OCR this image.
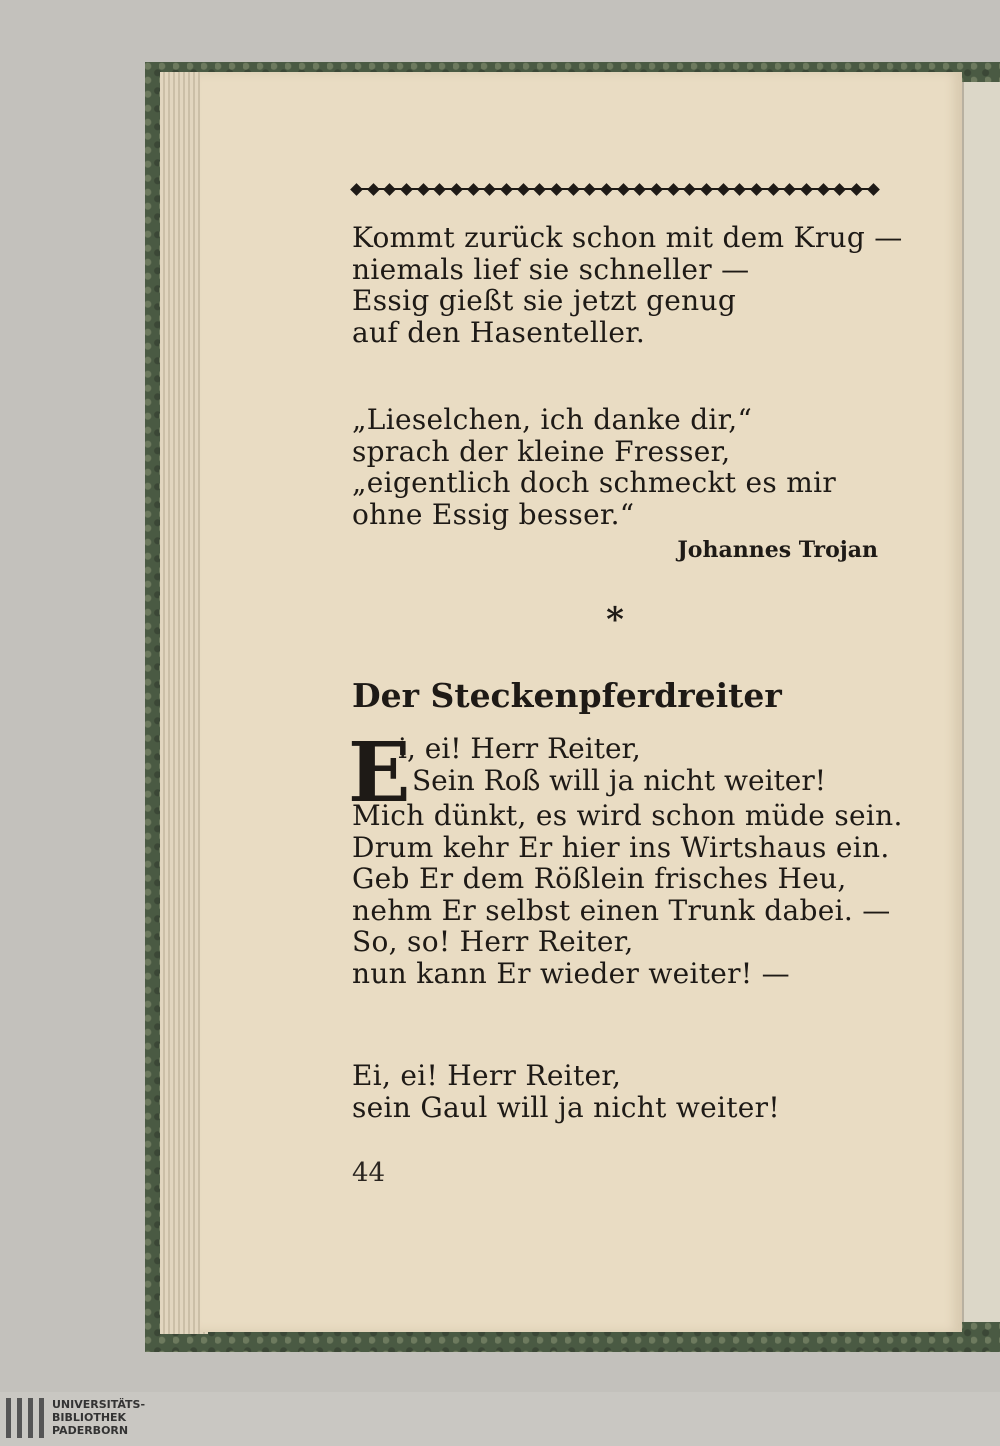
Kommt zurück schon mit dem Krug —
niemals lief sie schneller —
Essig gießt sie jetzt genug
auf den Hasenteller.
„Lieselchen, ich danke dir,“
sprach der kleine Fresser,
„eigentlich doch schmeckt es mir
ohne Essig besser.“
Johannes Trojan
*
Der Steckenpferdreiter
E
i, ei! Herr Reiter,
Sein Roß will ja nicht weiter!
Mich dünkt, es wird schon müde sein.
Drum kehr Er hier ins Wirtshaus ein.
Geb Er dem Rößlein frisches Heu,
nehm Er selbst einen Trunk dabei. —
So, so! Herr Reiter,
nun kann Er wieder weiter! —
Ei, ei! Herr Reiter,
sein Gaul will ja nicht weiter!
44
UNIVERSITÄTS-
BIBLIOTHEK
PADERBORN
